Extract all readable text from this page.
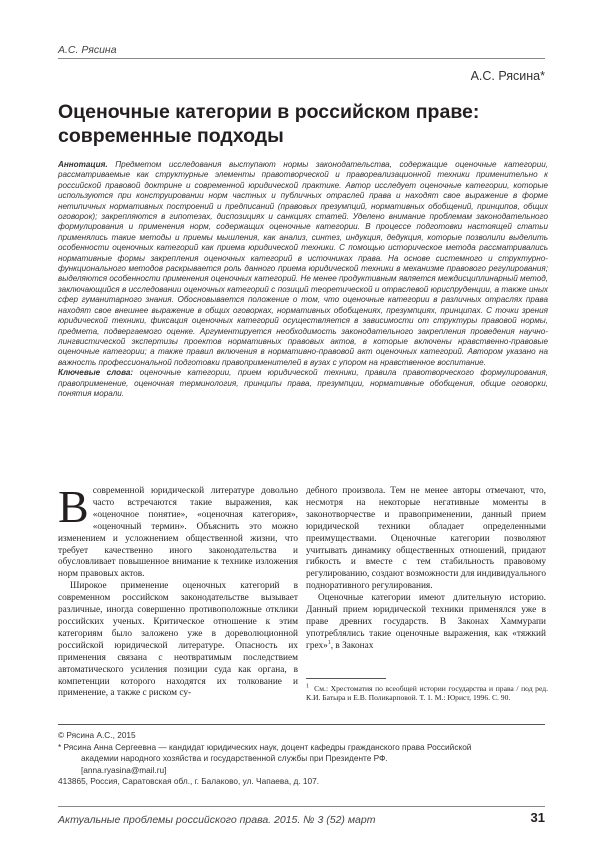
А.С. Рясина
А.С. Рясина*
Оценочные категории в российском праве:
современные подходы

Аннотация. Предметом исследования выступают нормы законодательства, содержащие оценочные категории, рассматриваемые как структурные элементы правотворческой и правореализационной техники применительно к российской правовой доктрине и современной юридической практике. Автор исследует оценочные категории, которые используются при конструировании норм частных и публичных отраслей права и находят свое выражение в форме нетипичных нормативных построений и предписаний (правовых презумпций, нормативных обобщений, принципов, общих оговорок); закрепляются в гипотезах, диспозициях и санкциях статей. Уделено внимание проблемам законодательного формулирования и применения норм, содержащих оценочные категории. В процессе подготовки настоящей статьи применялись такие методы и приемы мышления, как анализ, синтез, индукция, дедукция, которые позволили выделить особенности оценочных категорий как приема юридической техники. С помощью историческое метода рассматривались нормативные формы закрепления оценочных категорий в источниках права. На основе системного и структурно-функционального методов раскрывается роль данного приема юридической техники в механизме правового регулирования; выделяются особенности применения оценочных категорий. Не менее продуктивным является междисциплинарный метод, заключающийся в исследовании оценочных категорий с позиций теоретической и отраслевой юриспруденции, а также иных сфер гуманитарного знания. Обосновывается положение о том, что оценочные категории в различных отраслях права находят свое внешнее выражение в общих оговорках, нормативных обобщениях, презумпциях, принципах. С точки зрения юридической техники, фиксация оценочных категорий осуществляется в зависимости от структуры правовой нормы, предмета, подвергаемого оценке. Аргументируется необходимость законодательного закрепления проведения научно-лингвистической экспертизы проектов нормативных правовых актов, в которые включены нравственно-правовые оценочные категории; а также правил включения в нормативно-правовой акт оценочных категорий. Автором указано на важность профессиональной подготовки правоприменителей в вузах с упором на нравственное воспитание.

Ключевые слова: оценочные категории, прием юридической техники, правила правотворческого формулирования, правоприменение, оценочная терминология, принципы права, презумпции, нормативные обобщения, общие оговорки, понятия морали.

Всовременной юридической литературе довольно часто встречаются такие выражения, как «оценочное понятие», «оценочная категория», «оценочный термин». Объяснить это можно изменением и усложнением общественной жизни, что требует качественно иного законодательства и обусловливает повышенное внимание к технике изложения норм правовых актов.

Широкое применение оценочных категорий в современном российском законодательстве вызывает различные, иногда совершенно противоположные отклики российских ученых. Критическое отношение к этим категориям было заложено уже в дореволюционной российской юридической литературе. Опасность их применения связана с неотвратимым последствием автоматического усиления позиции суда как органа, в компетенции которого находятся их толкование и применение, а также с риском су-

дебного произвола. Тем не менее авторы отмечают, что, несмотря на некоторые негативные моменты в законотворчестве и правоприменении, данный прием юридической техники обладает определенными преимуществами. Оценочные категории позволяют учитывать динамику общественных отношений, придают гибкость и вместе с тем стабильность правовому регулированию, создают возможности для индивидуального подноративного регулирования.

Оценочные категории имеют длительную историю. Данный прием юридической техники применялся уже в праве древних государств. В Законах Хаммурапи употреблялись такие оценочные выражения, как «тяжкий грех»$^1$, в Законах

$^1$ См.: Хрестоматия по всеобщей истории государства и права / под ред. К.И. Батыра и Е.В. Поликарповой. Т. 1. М.: Юрист, 1996. С. 90.

© Рясина А.С., 2015

* Рясина Анна Сергеевна — кандидат юридических наук, доцент кафедры гражданского права Российской

академии народного хозяйства и государственной службы при Президенте РФ.

[anna.ryasina@mail.ru]

413865, Россия, Саратовская обл., г. Балаково, ул. Чапаева, д. 107.

Актуальные проблемы российского права. 2015. № 3 (52) март	31
